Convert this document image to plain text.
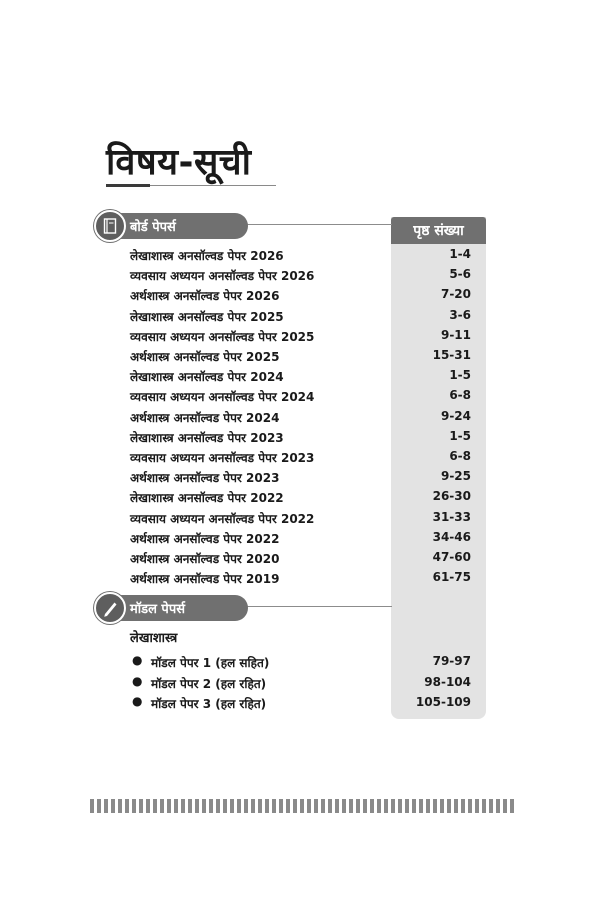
विषय-सूची
पृष्ठ संख्या
बोर्ड पेपर्स
लेखाशास्त्र अनसॉल्वड पेपर 2026	1-4
व्यवसाय अध्ययन अनसॉल्वड पेपर 2026	5-6
अर्थशास्त्र अनसॉल्वड पेपर 2026	7-20
लेखाशास्त्र अनसॉल्वड पेपर 2025	3-6
व्यवसाय अध्ययन अनसॉल्वड पेपर 2025	9-11
अर्थशास्त्र अनसॉल्वड पेपर 2025	15-31
लेखाशास्त्र अनसॉल्वड पेपर 2024	1-5
व्यवसाय अध्ययन अनसॉल्वड पेपर 2024	6-8
अर्थशास्त्र अनसॉल्वड पेपर 2024	9-24
लेखाशास्त्र अनसॉल्वड पेपर 2023	1-5
व्यवसाय अध्ययन अनसॉल्वड पेपर 2023	6-8
अर्थशास्त्र अनसॉल्वड पेपर 2023	9-25
लेखाशास्त्र अनसॉल्वड पेपर 2022	26-30
व्यवसाय अध्ययन अनसॉल्वड पेपर 2022	31-33
अर्थशास्त्र अनसॉल्वड पेपर 2022	34-46
अर्थशास्त्र अनसॉल्वड पेपर 2020	47-60
अर्थशास्त्र अनसॉल्वड पेपर 2019	61-75
मॉडल पेपर्स
लेखाशास्त्र
● मॉडल पेपर 1 (हल सहित)	79-97
● मॉडल पेपर 2 (हल रहित)	98-104
● मॉडल पेपर 3 (हल रहित)	105-109
